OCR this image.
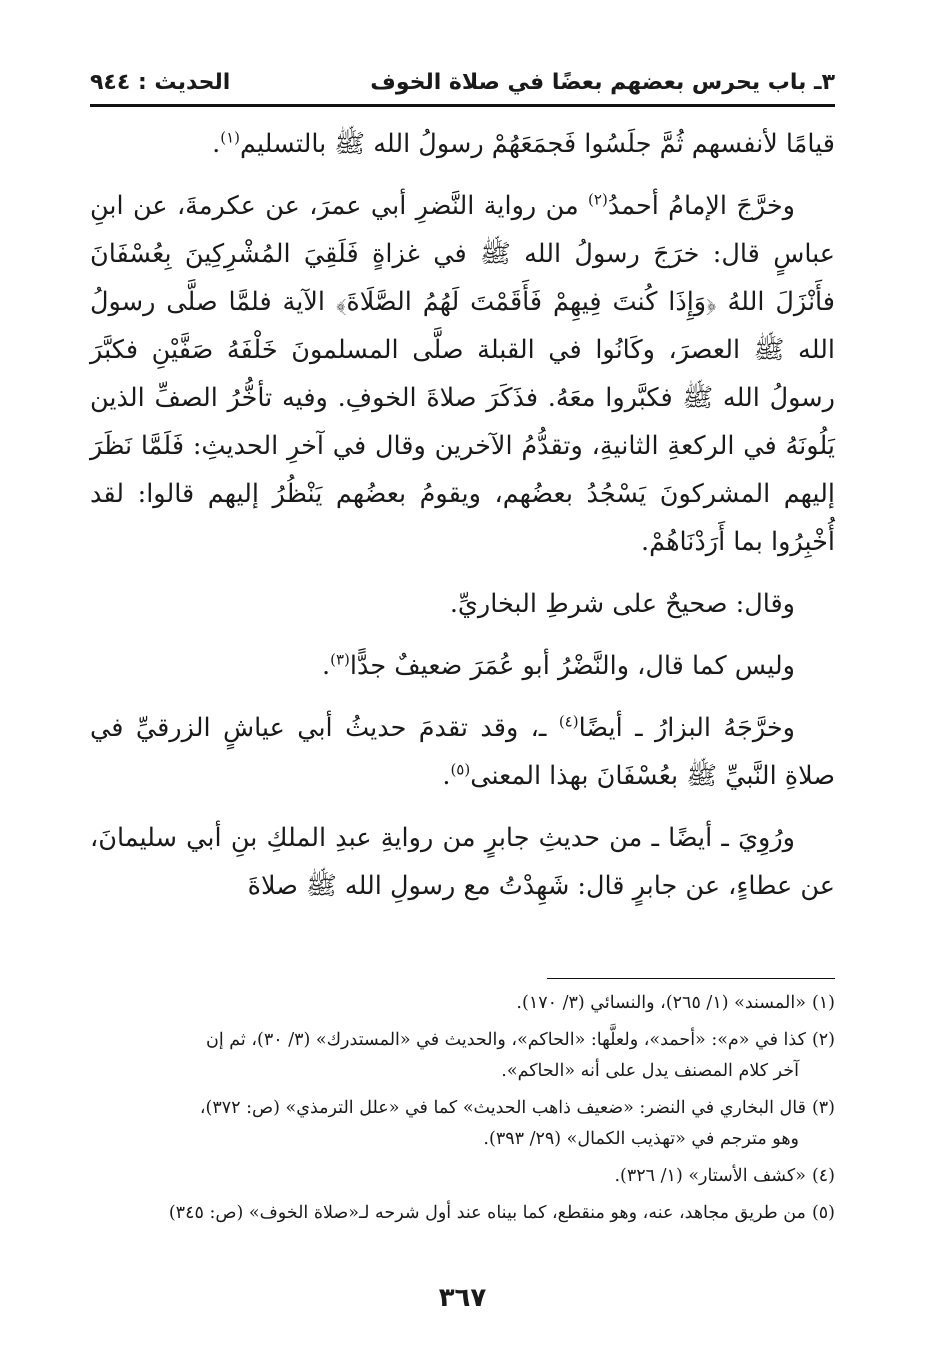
٣ـ باب يحرس بعضهم بعضًا في صلاة الخوف
الحديث : ٩٤٤

قيامًا لأنفسهم ثُمَّ جلَسُوا فَجمَعَهُمْ رسولُ الله ﷺ بالتسليم$^{(١)}$.

وخرَّجَ الإمامُ أحمدُ$^{(٢)}$ من رواية النَّضرِ أبي عمرَ، عن عكرمةَ، عن ابنِ عباسٍ قال: خرَجَ رسولُ الله ﷺ في غزاةٍ فَلَقِيَ المُشْرِكِينَ بِعُسْفَانَ فأَنْزَلَ اللهُ ﴿وَإِذَا كُنتَ فِيهِمْ فَأَقَمْتَ لَهُمُ الصَّلَاةَ﴾ الآية فلمَّا صلَّى رسولُ الله ﷺ العصرَ، وكَانُوا في القبلة صلَّى المسلمونَ خَلْفَهُ صَفَّيْنِ فكبَّرَ رسولُ الله ﷺ فكبَّروا معَهُ. فذَكَرَ صلاةَ الخوفِ. وفيه تأخُّرُ الصفِّ الذين يَلُونَهُ في الركعةِ الثانيةِ، وتقدُّمُ الآخرين وقال في آخرِ الحديثِ: فَلَمَّا نَظَرَ إليهم المشركونَ يَسْجُدُ بعضُهم، ويقومُ بعضُهم يَنْظُرُ إليهم قالوا: لقد أُخْبِرُوا بما أَرَدْنَاهُمْ.

وقال: صحيحٌ على شرطِ البخاريِّ.

وليس كما قال، والنَّضْرُ أبو عُمَرَ ضعيفٌ جدًّا$^{(٣)}$.

وخرَّجَهُ البزارُ ـ أيضًا$^{(٤)}$ ـ، وقد تقدمَ حديثُ أبي عياشٍ الزرقيِّ في صلاةِ النَّبيِّ ﷺ بعُسْفَانَ بهذا المعنى$^{(٥)}$.

ورُوِيَ ـ أيضًا ـ من حديثِ جابرٍ من روايةِ عبدِ الملكِ بنِ أبي سليمانَ، عن عطاءٍ، عن جابرٍ قال: شَهِدْتُ مع رسولِ الله ﷺ صلاةَ

(١)«المسند» (١/ ٢٦٥)، والنسائي (٣/ ١٧٠).
(٢)كذا في «م»: «أحمد»، ولعلَّها: «الحاكم»، والحديث في «المستدرك» (٣/ ٣٠)، ثم إن
آخر كلام المصنف يدل على أنه «الحاكم».
(٣)قال البخاري في النضر: «ضعيف ذاهب الحديث» كما في «علل الترمذي» (ص: ٣٧٢)،
وهو مترجم في «تهذيب الكمال» (٢٩/ ٣٩٣).
(٤)«كشف الأستار» (١/ ٣٢٦).
(٥)من طريق مجاهد، عنه، وهو منقطع، كما بيناه عند أول شرحه لـ«صلاة الخوف» (ص: ٣٤٥)
٣٦٧
